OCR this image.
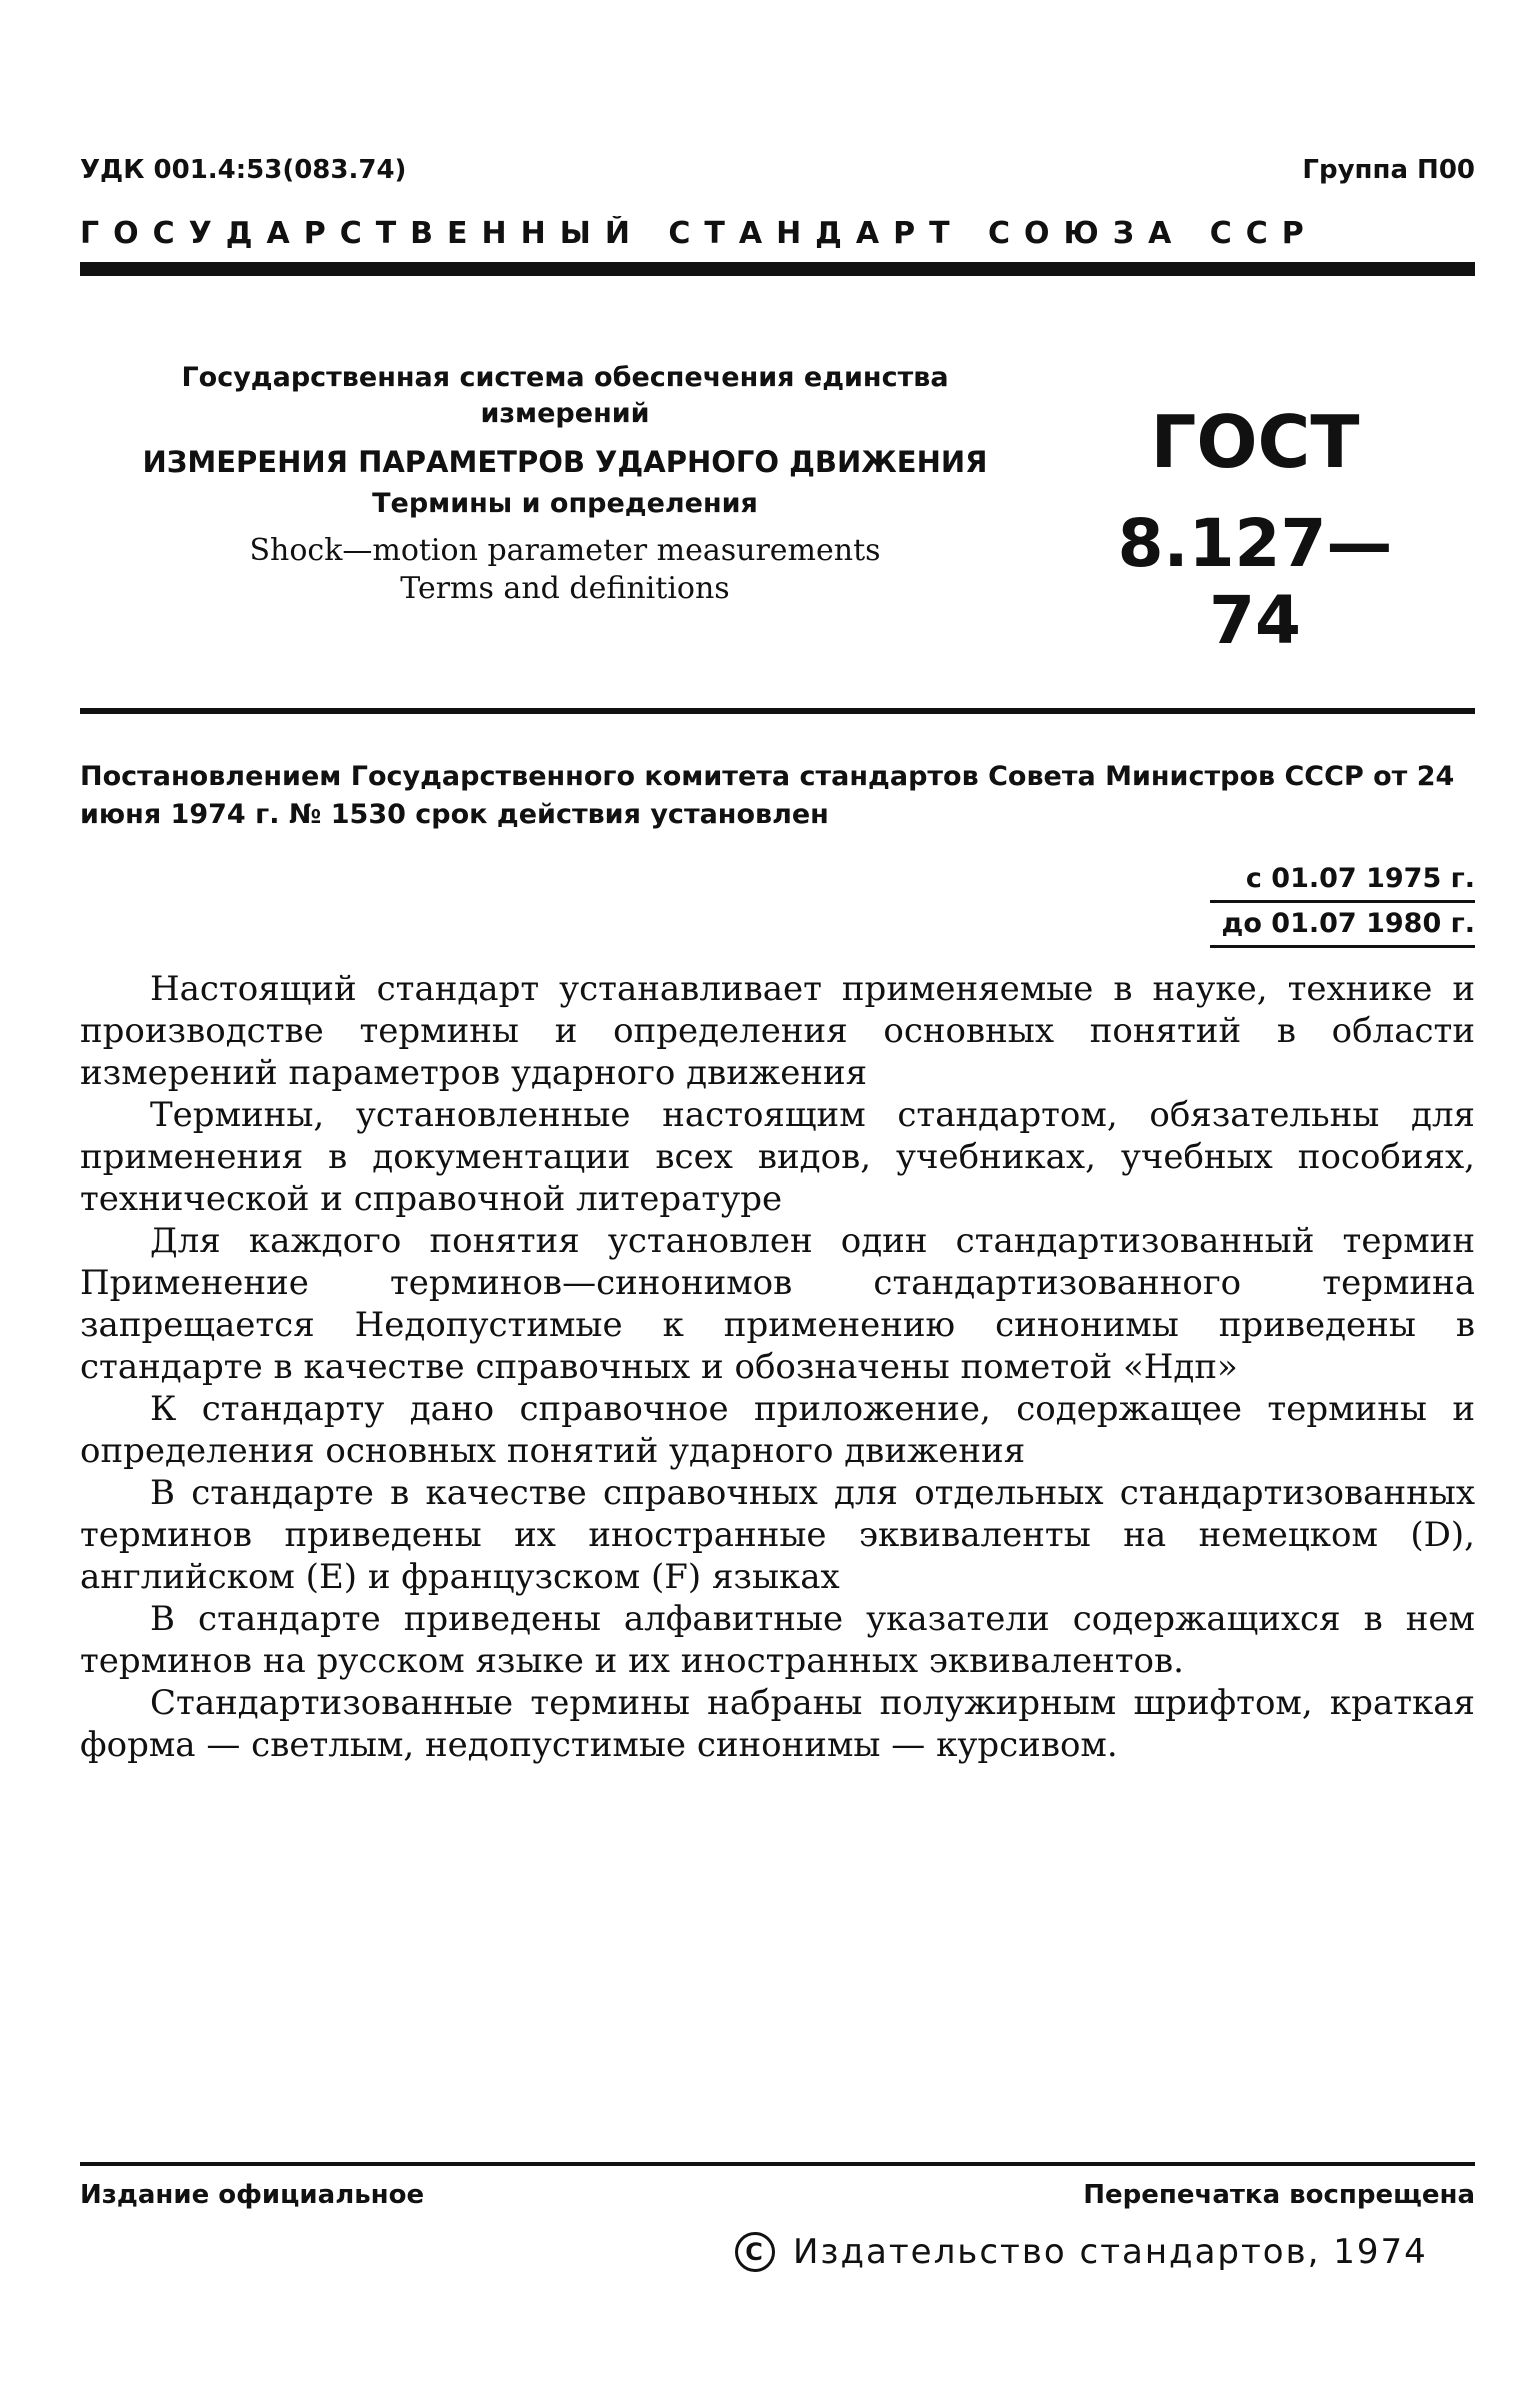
УДК 001.4:53(083.74)	Группа П00
ГОСУДАРСТВЕННЫЙ СТАНДАРТ СОЮЗА ССР
Государственная система обеспечения единства измерений
ИЗМЕРЕНИЯ ПАРАМЕТРОВ УДАРНОГО ДВИЖЕНИЯ
Термины и определения
Shock—motion parameter measurements
Terms and definitions
ГОСТ
8.127—74
Постановлением Государственного комитета стандартов Совета Министров СССР от 24 июня 1974 г. № 1530 срок действия установлен
с 01.07 1975 г.
до 01.07 1980 г.

Настоящий стандарт устанавливает применяемые в науке, технике и производстве термины и определения основных понятий в области измерений параметров ударного движения

Термины, установленные настоящим стандартом, обязательны для применения в документации всех видов, учебниках, учебных пособиях, технической и справочной литературе

Для каждого понятия установлен один стандартизованный термин Применение терминов—синонимов стандартизованного термина запрещается Недопустимые к применению синонимы приведены в стандарте в качестве справочных и обозначены пометой «Ндп»

К стандарту дано справочное приложение, содержащее термины и определения основных понятий ударного движения

В стандарте в качестве справочных для отдельных стандартизованных терминов приведены их иностранные эквиваленты на немецком (D), английском (E) и французском (F) языках

В стандарте приведены алфавитные указатели содержащихся в нем терминов на русском языке и их иностранных эквивалентов.

Стандартизованные термины набраны полужирным шрифтом, краткая форма — светлым, недопустимые синонимы — курсивом.

Издание официальное	Перепечатка воспрещена
C Издательство стандартов, 1974
